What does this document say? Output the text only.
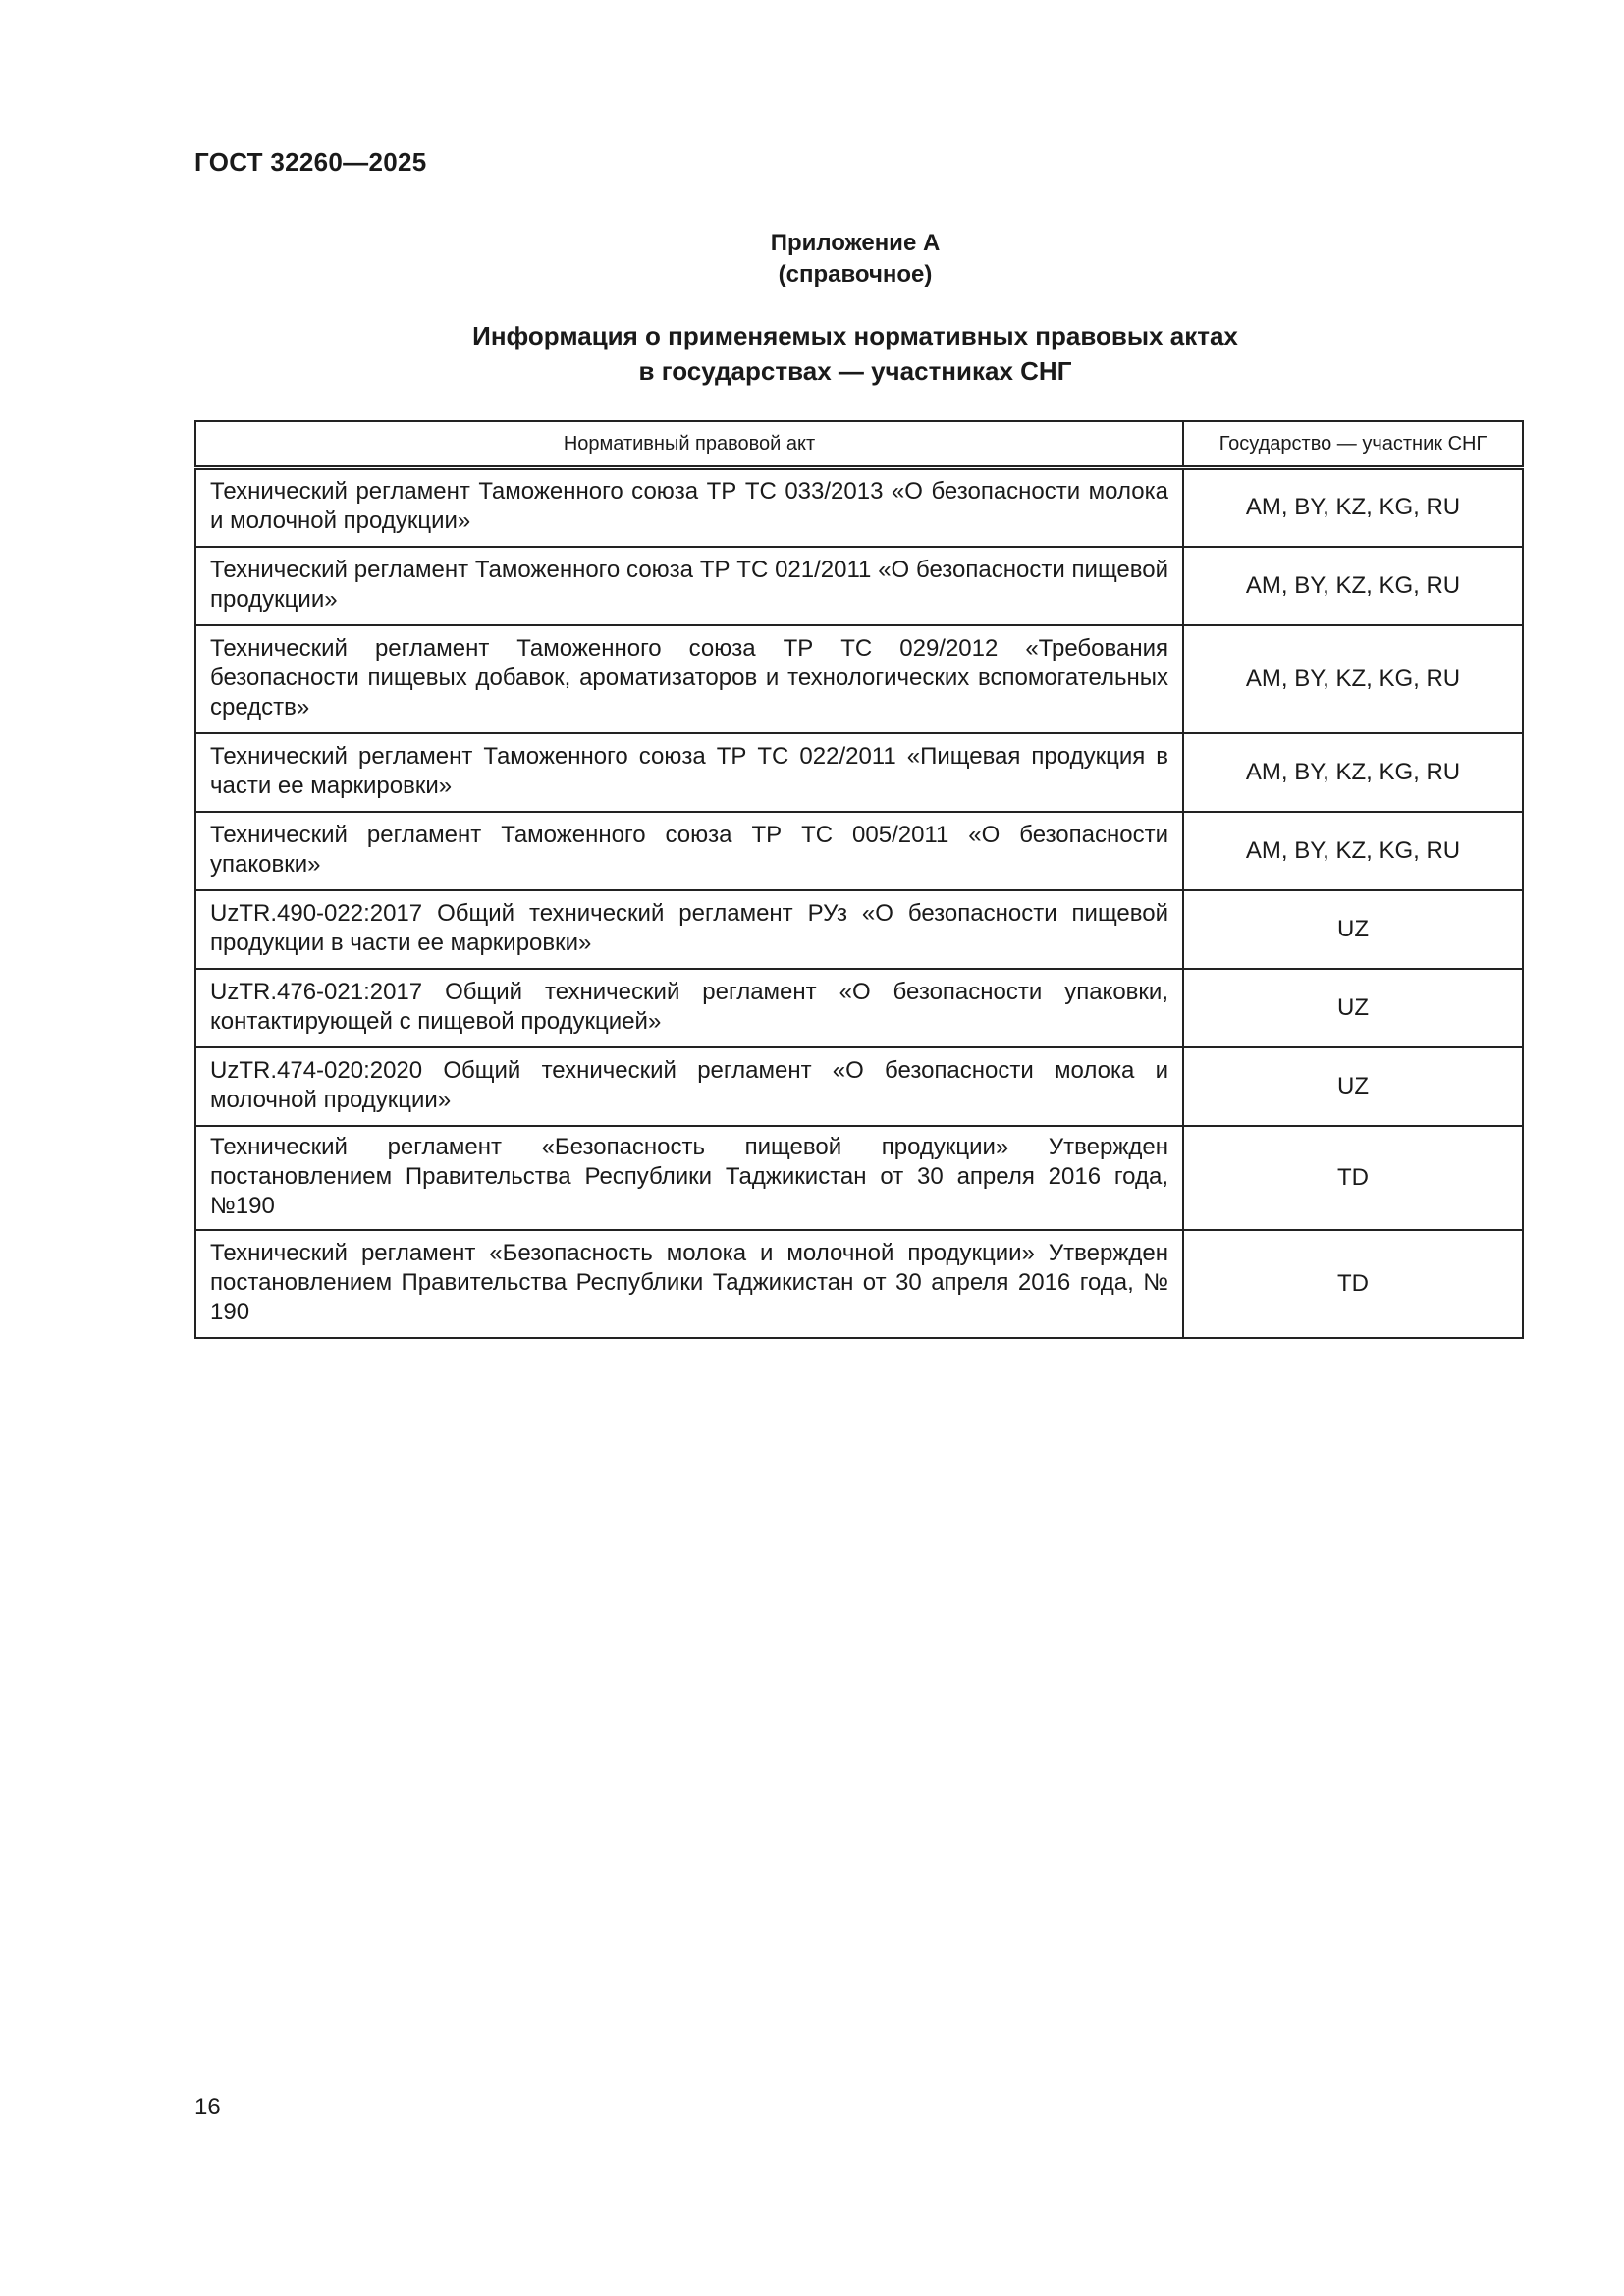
ГОСТ 32260—2025
Приложение А
(справочное)
Информация о применяемых нормативных правовых актах
в государствах — участниках СНГ
Нормативный правовой акт	Государство — участник СНГ
Технический регламент Таможенного союза ТР ТС 033/2013 «О безопасности молока и молочной продукции»	AM, BY, KZ, KG, RU
Технический регламент Таможенного союза ТР ТС 021/2011 «О безопасности пищевой продукции»	AM, BY, KZ, KG, RU
Технический регламент Таможенного союза ТР ТС 029/2012 «Требования безопасности пищевых добавок, ароматизаторов и технологических вспомогательных средств»	AM, BY, KZ, KG, RU
Технический регламент Таможенного союза ТР ТС 022/2011 «Пищевая продукция в части ее маркировки»	AM, BY, KZ, KG, RU
Технический регламент Таможенного союза ТР ТС 005/2011 «О безопасности упаковки»	AM, BY, KZ, KG, RU
UzTR.490-022:2017 Общий технический регламент РУз «О безопасности пищевой продукции в части ее маркировки»	UZ
UzTR.476-021:2017 Общий технический регламент «О безопасности упаковки, контактирующей с пищевой продукцией»	UZ
UzTR.474-020:2020 Общий технический регламент «О безопасности молока и молочной продукции»	UZ
Технический регламент «Безопасность пищевой продукции» Утвержден постановлением Правительства Республики Таджикистан от 30 апреля 2016 года, №190	TD
Технический регламент «Безопасность молока и молочной продукции» Утвержден постановлением Правительства Республики Таджикистан от 30 апреля 2016 года, № 190	TD
16
